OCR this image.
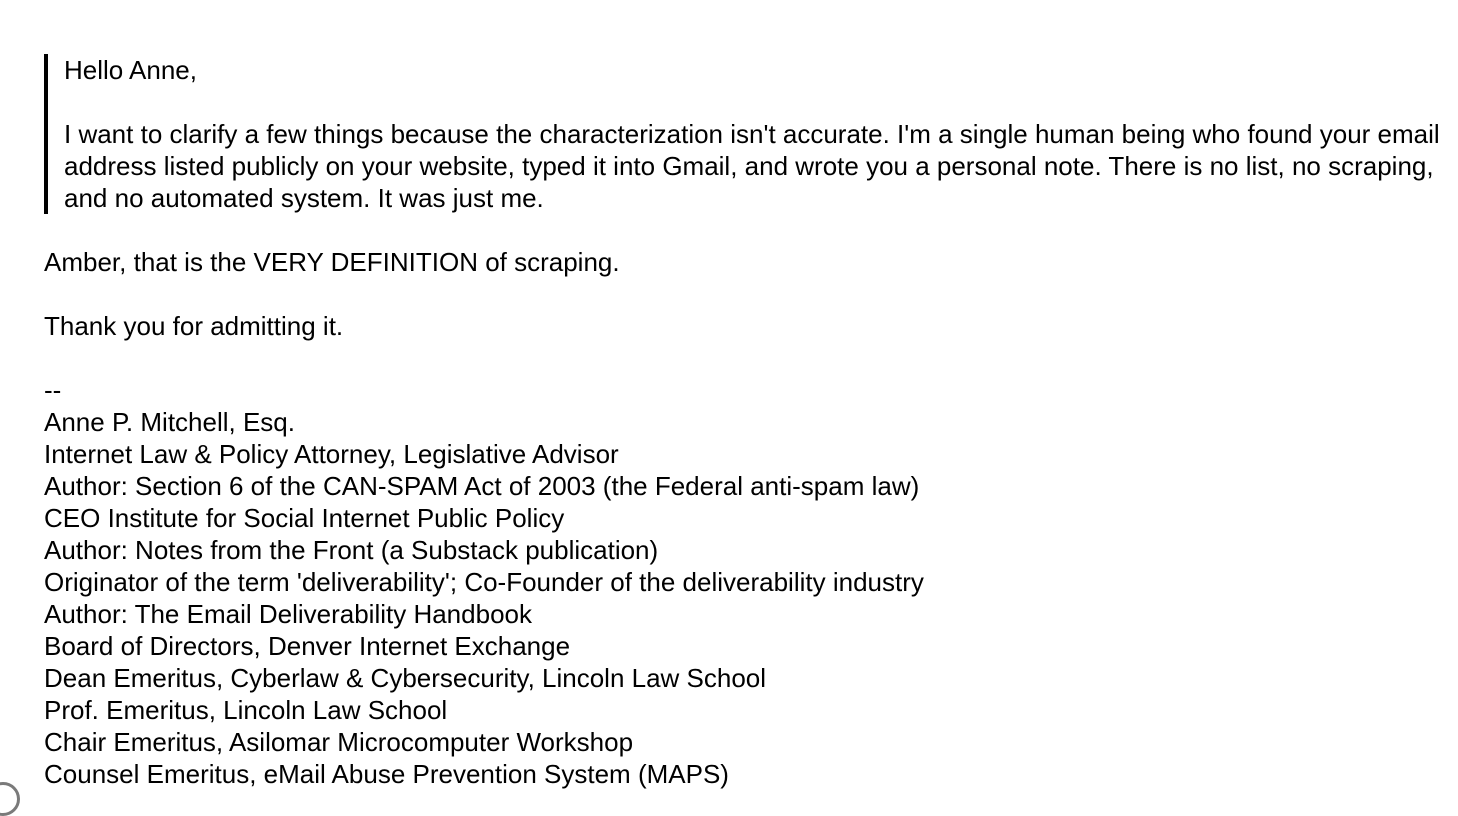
Hello Anne,

I want to clarify a few things because the characterization isn't accurate. I'm a single human being who found your email address listed publicly on your website, typed it into Gmail, and wrote you a personal note. There is no list, no scraping, and no automated system. It was just me.

Amber, that is the VERY DEFINITION of scraping.

Thank you for admitting it.

--

Anne P. Mitchell, Esq.

Internet Law & Policy Attorney, Legislative Advisor

Author: Section 6 of the CAN-SPAM Act of 2003 (the Federal anti-spam law)

CEO Institute for Social Internet Public Policy

Author: Notes from the Front (a Substack publication)

Originator of the term 'deliverability'; Co-Founder of the deliverability industry

Author: The Email Deliverability Handbook

Board of Directors, Denver Internet Exchange

Dean Emeritus, Cyberlaw & Cybersecurity, Lincoln Law School

Prof. Emeritus, Lincoln Law School

Chair Emeritus, Asilomar Microcomputer Workshop

Counsel Emeritus, eMail Abuse Prevention System (MAPS)
